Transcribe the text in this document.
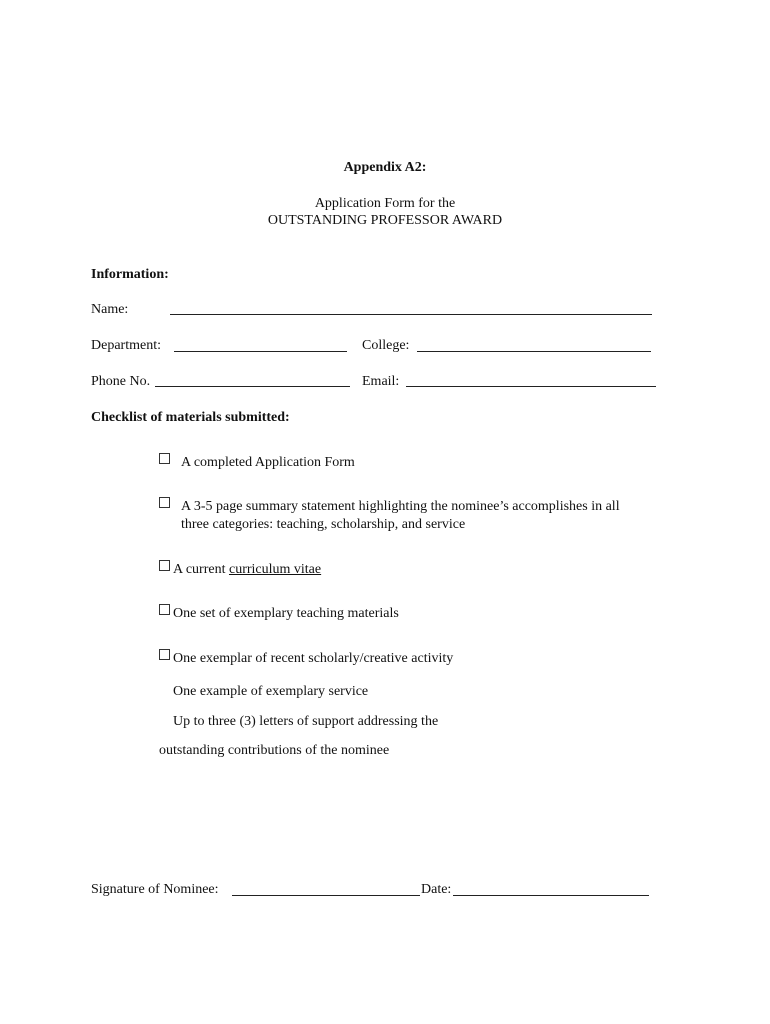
Appendix A2:
Application Form for the
OUTSTANDING PROFESSOR AWARD
Information:
Name:
Department:	College:
Phone No.	Email:
Checklist of materials submitted:
A completed Application Form
A 3-5 page summary statement highlighting the nominee’s accomplishes in all
three categories: teaching, scholarship, and service
A current curriculum vitae
One set of exemplary teaching materials
One exemplar of recent scholarly/creative activity
One example of exemplary service
Up to three (3) letters of support addressing the
outstanding contributions of the nominee
Signature of Nominee:	Date:
